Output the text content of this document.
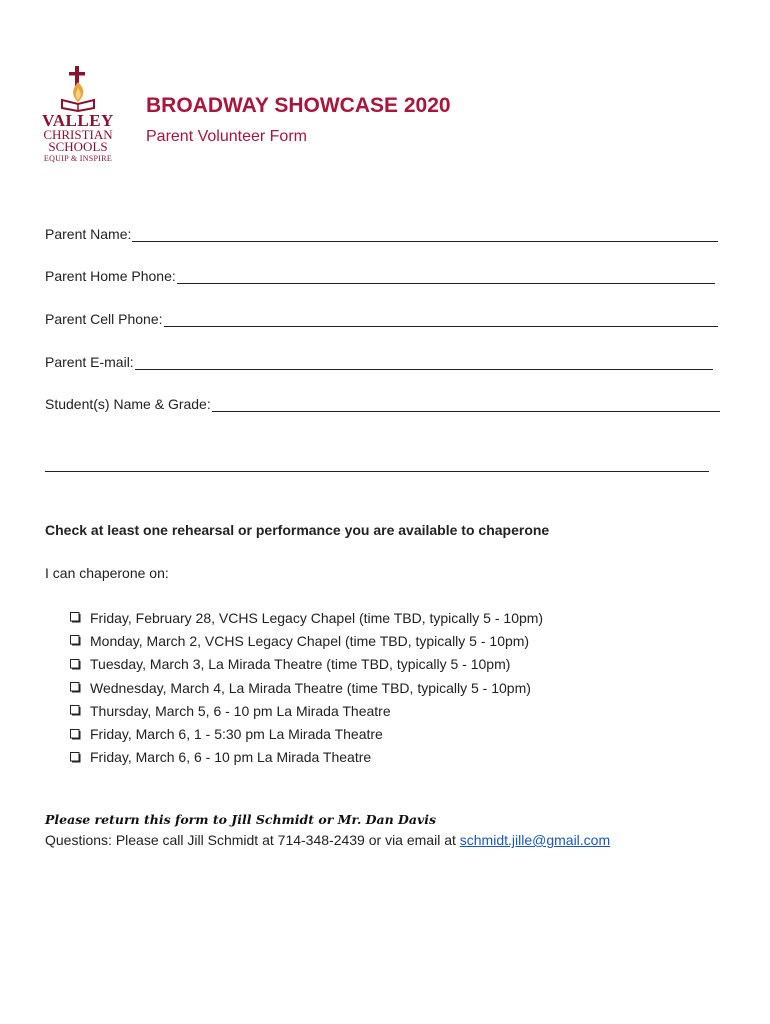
VALLEY
CHRISTIAN
SCHOOLS
EQUIP & INSPIRE
BROADWAY SHOWCASE 2020
Parent Volunteer Form
Parent Name:
Parent Home Phone:
Parent Cell Phone:
Parent E-mail:
Student(s) Name & Grade:
Check at least one rehearsal or performance you are available to chaperone
I can chaperone on:
Friday, February 28, VCHS Legacy Chapel (time TBD, typically 5 - 10pm)
Monday, March 2, VCHS Legacy Chapel (time TBD, typically 5 - 10pm)
Tuesday, March 3, La Mirada Theatre (time TBD, typically 5 - 10pm)
Wednesday, March 4, La Mirada Theatre (time TBD, typically 5 - 10pm)
Thursday, March 5, 6 - 10 pm La Mirada Theatre
Friday, March 6, 1 - 5:30 pm La Mirada Theatre
Friday, March 6, 6 - 10 pm La Mirada Theatre
Please return this form to Jill Schmidt or Mr. Dan Davis
Questions: Please call Jill Schmidt at 714-348-2439 or via email at schmidt.jille@gmail.com
